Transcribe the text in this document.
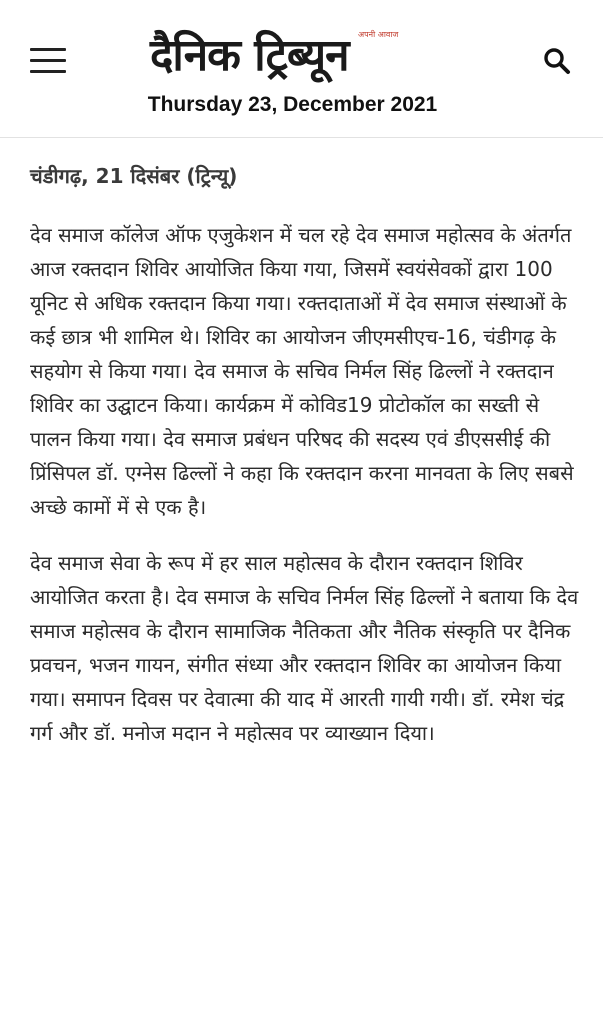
दैनिक ट्रिब्यून अपनी आवाज
Thursday 23, December 2021
चंडीगढ़, 21 दिसंबर (ट्रिन्यू)

देव समाज कॉलेज ऑफ एजुकेशन में चल रहे देव समाज महोत्सव के अंतर्गत आज रक्तदान शिविर आयोजित किया गया, जिसमें स्वयंसेवकों द्वारा 100 यूनिट से अधिक रक्तदान किया गया। रक्तदाताओं में देव समाज संस्थाओं के कई छात्र भी शामिल थे। शिविर का आयोजन जीएमसीएच-16, चंडीगढ़ के सहयोग से किया गया। देव समाज के सचिव निर्मल सिंह ढिल्लों ने रक्तदान शिविर का उद्घाटन किया। कार्यक्रम में कोविड19 प्रोटोकॉल का सख्ती से पालन किया गया। देव समाज प्रबंधन परिषद की सदस्य एवं डीएससीई की प्रिंसिपल डॉ. एग्नेस ढिल्लों ने कहा कि रक्तदान करना मानवता के लिए सबसे अच्छे कामों में से एक है।

देव समाज सेवा के रूप में हर साल महोत्सव के दौरान रक्तदान शिविर आयोजित करता है। देव समाज के सचिव निर्मल सिंह ढिल्लों ने बताया कि देव समाज महोत्सव के दौरान सामाजिक नैतिकता और नैतिक संस्कृति पर दैनिक प्रवचन, भजन गायन, संगीत संध्या और रक्तदान शिविर का आयोजन किया गया। समापन दिवस पर देवात्मा की याद में आरती गायी गयी। डॉ. रमेश चंद्र गर्ग और डॉ. मनोज मदान ने महोत्सव पर व्याख्यान दिया।
